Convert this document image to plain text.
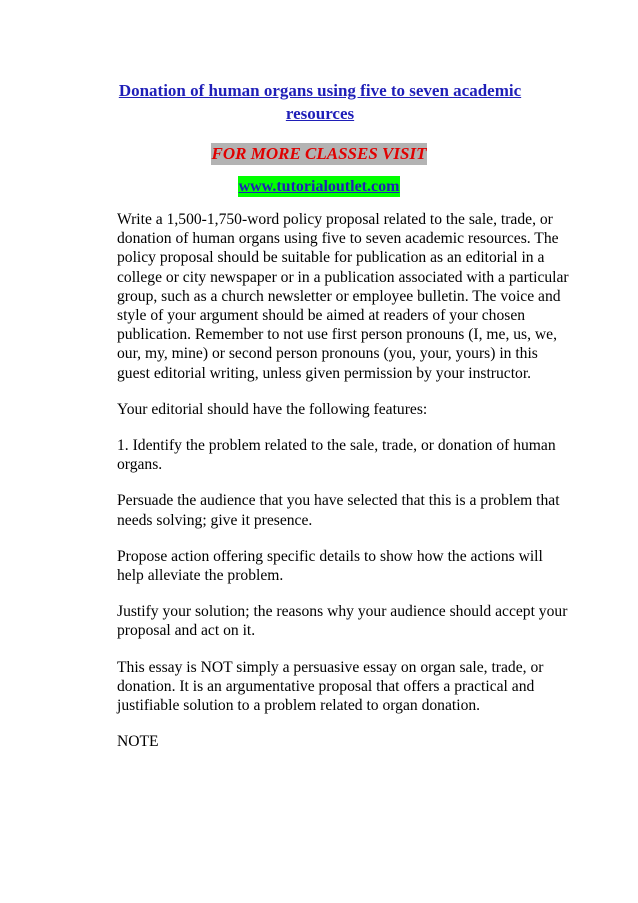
Donation of human organs using five to seven academic resources
FOR MORE CLASSES VISIT
www.tutorialoutlet.com

Write a 1,500-1,750-word policy proposal related to the sale, trade, or donation of human organs using five to seven academic resources. The policy proposal should be suitable for publication as an editorial in a college or city newspaper or in a publication associated with a particular group, such as a church newsletter or employee bulletin. The voice and style of your argument should be aimed at readers of your chosen publication. Remember to not use first person pronouns (I, me, us, we, our, my, mine) or second person pronouns (you, your, yours) in this guest editorial writing, unless given permission by your instructor.

Your editorial should have the following features:

1. Identify the problem related to the sale, trade, or donation of human organs.

Persuade the audience that you have selected that this is a problem that needs solving; give it presence.

Propose action offering specific details to show how the actions will help alleviate the problem.

Justify your solution; the reasons why your audience should accept your proposal and act on it.

This essay is NOT simply a persuasive essay on organ sale, trade, or donation. It is an argumentative proposal that offers a practical and justifiable solution to a problem related to organ donation.

NOTE
